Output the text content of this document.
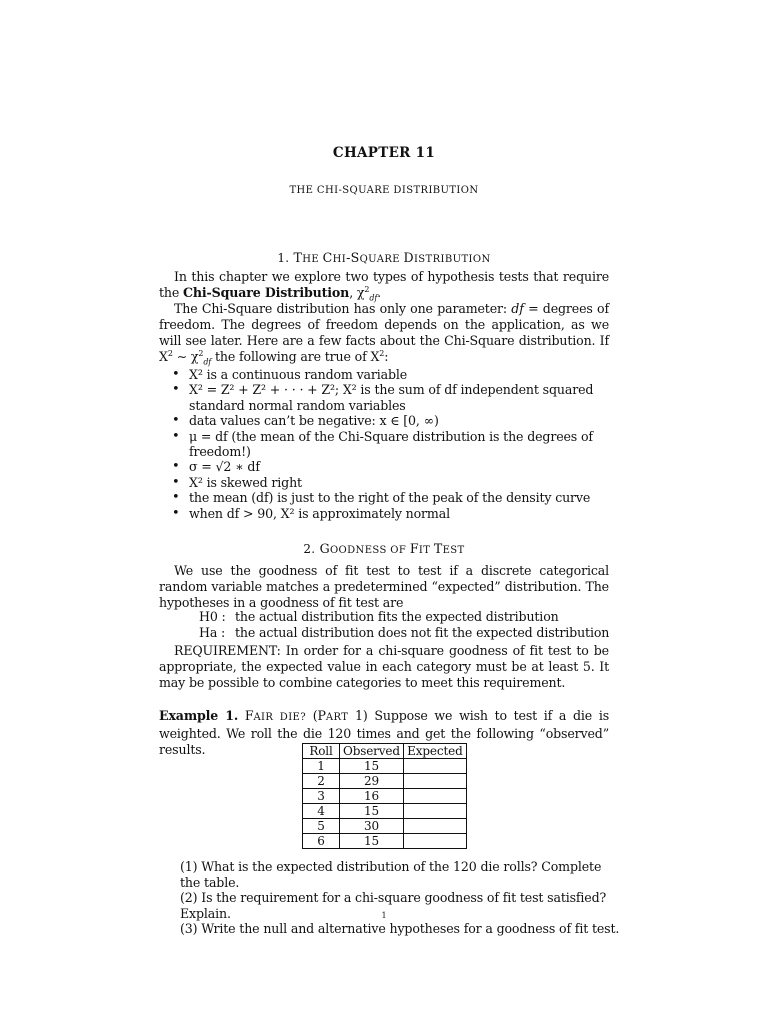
CHAPTER 11
THE CHI-SQUARE DISTRIBUTION
1. THE CHI-SQUARE DISTRIBUTION

In this chapter we explore two types of hypothesis tests that require the Chi-Square Distribution, $\chi^2_{df}$.

The Chi-Square distribution has only one parameter: df = degrees of freedom. The degrees of freedom depends on the application, as we will see later. Here are a few facts about the Chi-Square distribution. If $X^2$ ∼ $\chi^2_{df}$ the following are true of $X^2$:

• X² is a continuous random variable
• X² = Z² + Z² + · · · + Z²; X² is the sum of df independent squared standard normal random variables
• data values can’t be negative: x ∈ [0, ∞)
• μ = df (the mean of the Chi-Square distribution is the degrees of freedom!)
• σ = √2 ∗ df
• X² is skewed right
• the mean (df) is just to the right of the peak of the density curve
• when df > 90, X² is approximately normal
2. GOODNESS OF FIT TEST

We use the goodness of fit test to test if a discrete categorical random variable matches a predetermined “expected” distribution. The hypotheses in a goodness of fit test are

H0 : the actual distribution fits the expected distribution
Ha : the actual distribution does not fit the expected distribution

REQUIREMENT: In order for a chi-square goodness of fit test to be appropriate, the expected value in each category must be at least 5. It may be possible to combine categories to meet this requirement.

Example 1. FAIR DIE? (PART 1) Suppose we wish to test if a die is weighted. We roll the die 120 times and get the following “observed” results.	Roll	Observed	Expected
1	15	
2	29	
3	16	
4	15	
5	30	
6	15	
(1) What is the expected distribution of the 120 die rolls? Complete the table.
(2) Is the requirement for a chi-square goodness of fit test satisfied? Explain.
(3) Write the null and alternative hypotheses for a goodness of fit test.
1
